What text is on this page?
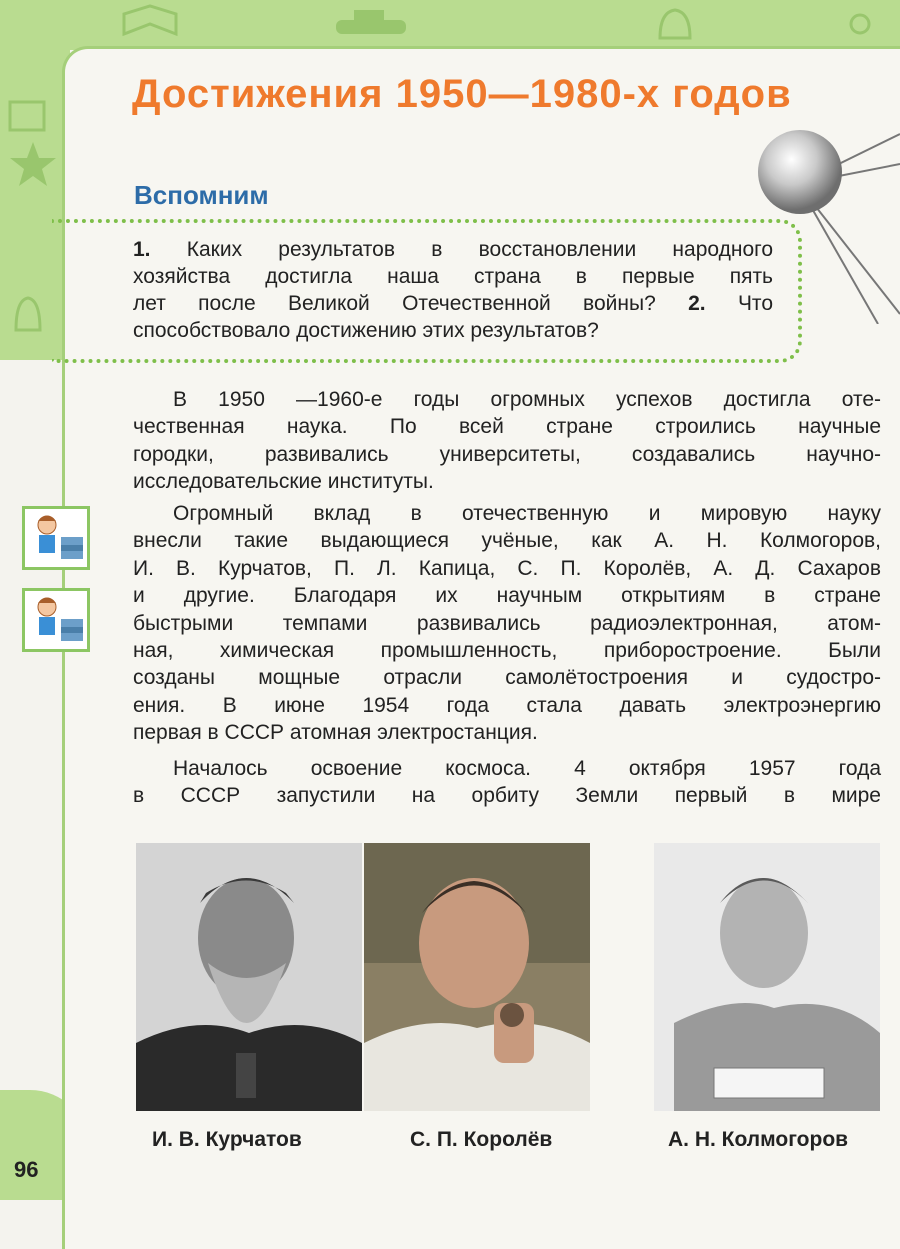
Достижения 1950—1980-х годов
Вспомним
1. Каких результатов в восстановлении народного
хозяйства достигла наша страна в первые пять
лет после Великой Отечественной войны? 2. Что
способствовало достижению этих результатов?
В 1950 —1960-е годы огромных успехов достигла оте-
чественная наука. По всей стране строились научные
городки, развивались университеты, создавались научно-
исследовательские институты.
Огромный вклад в отечественную и мировую науку
внесли такие выдающиеся учёные, как А. Н. Колмогоров,
И. В. Курчатов, П. Л. Капица, С. П. Королёв, А. Д. Сахаров
и другие. Благодаря их научным открытиям в стране
быстрыми темпами развивались радиоэлектронная, атом-
ная, химическая промышленность, приборостроение. Были
созданы мощные отрасли самолётостроения и судостро-
ения. В июне 1954 года стала давать электроэнергию
первая в СССР атомная электростанция.
Началось освоение космоса. 4 октября 1957 года
в СССР запустили на орбиту Земли первый в мире
И. В. Курчатов	С. П. Королёв	А. Н. Колмогоров
96
